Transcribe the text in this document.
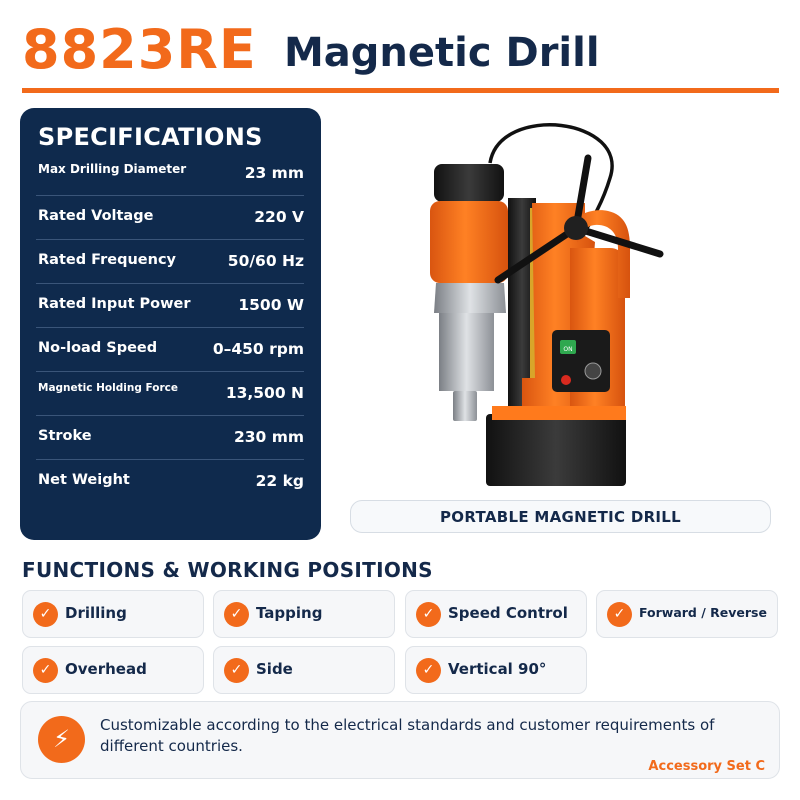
8823RE Magnetic Drill
SPECIFICATIONS
Max Drilling Diameter	23 mm
Rated Voltage	220 V
Rated Frequency	50/60 Hz
Rated Input Power	1500 W
No-load Speed	0–450 rpm
Magnetic Holding Force	13,500 N
Stroke	230 mm
Net Weight	22 kg
ON
PORTABLE MAGNETIC DRILL
FUNCTIONS & WORKING POSITIONS
✓ Drilling	✓ Tapping	✓ Speed Control	✓	Forward / Reverse
✓ Overhead	✓ Side	✓ Vertical 90°
⚡	Customizable according to the electrical standards and customer requirements of different countries.
Accessory Set C
